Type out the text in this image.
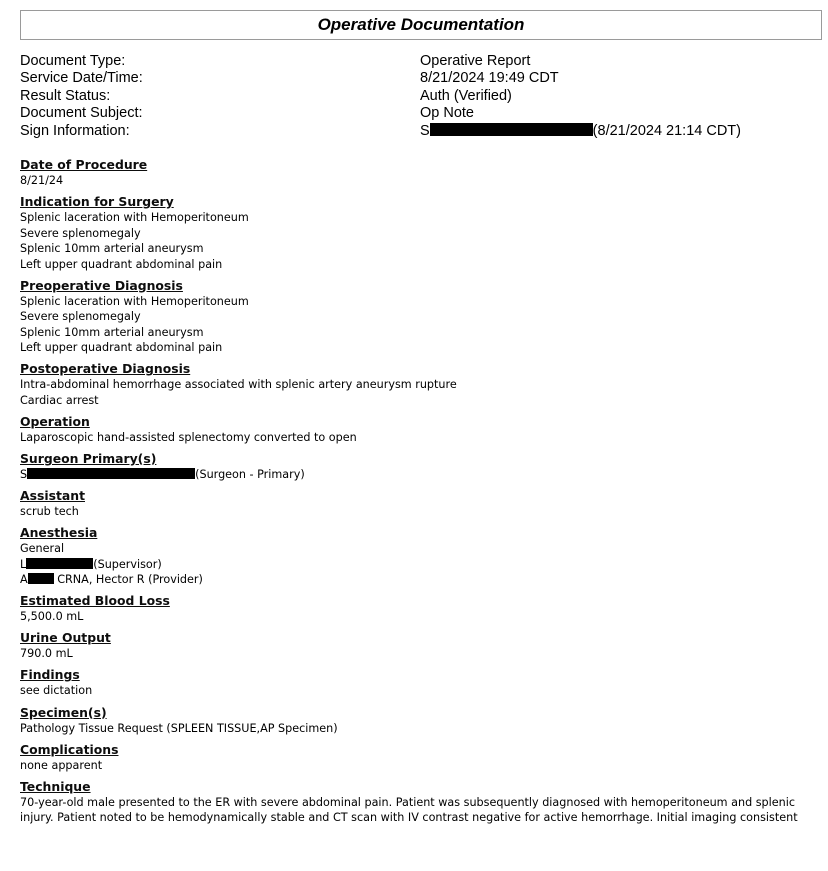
Operative Documentation
Document Type:	Operative Report
Service Date/Time:	8/21/2024 19:49 CDT
Result Status:	Auth (Verified)
Document Subject:	Op Note
Sign Information:	S	(8/21/2024 21:14 CDT)
Date of Procedure
8/21/24
Indication for Surgery
Splenic laceration with Hemoperitoneum
Severe splenomegaly
Splenic 10mm arterial aneurysm
Left upper quadrant abdominal pain
Preoperative Diagnosis
Splenic laceration with Hemoperitoneum
Severe splenomegaly
Splenic 10mm arterial aneurysm
Left upper quadrant abdominal pain
Postoperative Diagnosis
Intra-abdominal hemorrhage associated with splenic artery aneurysm rupture
Cardiac arrest
Operation
Laparoscopic hand-assisted splenectomy converted to open
Surgeon Primary(s)
S	(Surgeon - Primary)
Assistant
scrub tech
Anesthesia
General
L	(Supervisor)
A CRNA, Hector R (Provider)
Estimated Blood Loss
5,500.0 mL
Urine Output
790.0 mL
Findings
see dictation
Specimen(s)
Pathology Tissue Request (SPLEEN TISSUE,AP Specimen)
Complications
none apparent
Technique
70-year-old male presented to the ER with severe abdominal pain. Patient was subsequently diagnosed with hemoperitoneum and splenic injury. Patient noted to be hemodynamically stable and CT scan with IV contrast negative for active hemorrhage. Initial imaging consistent
